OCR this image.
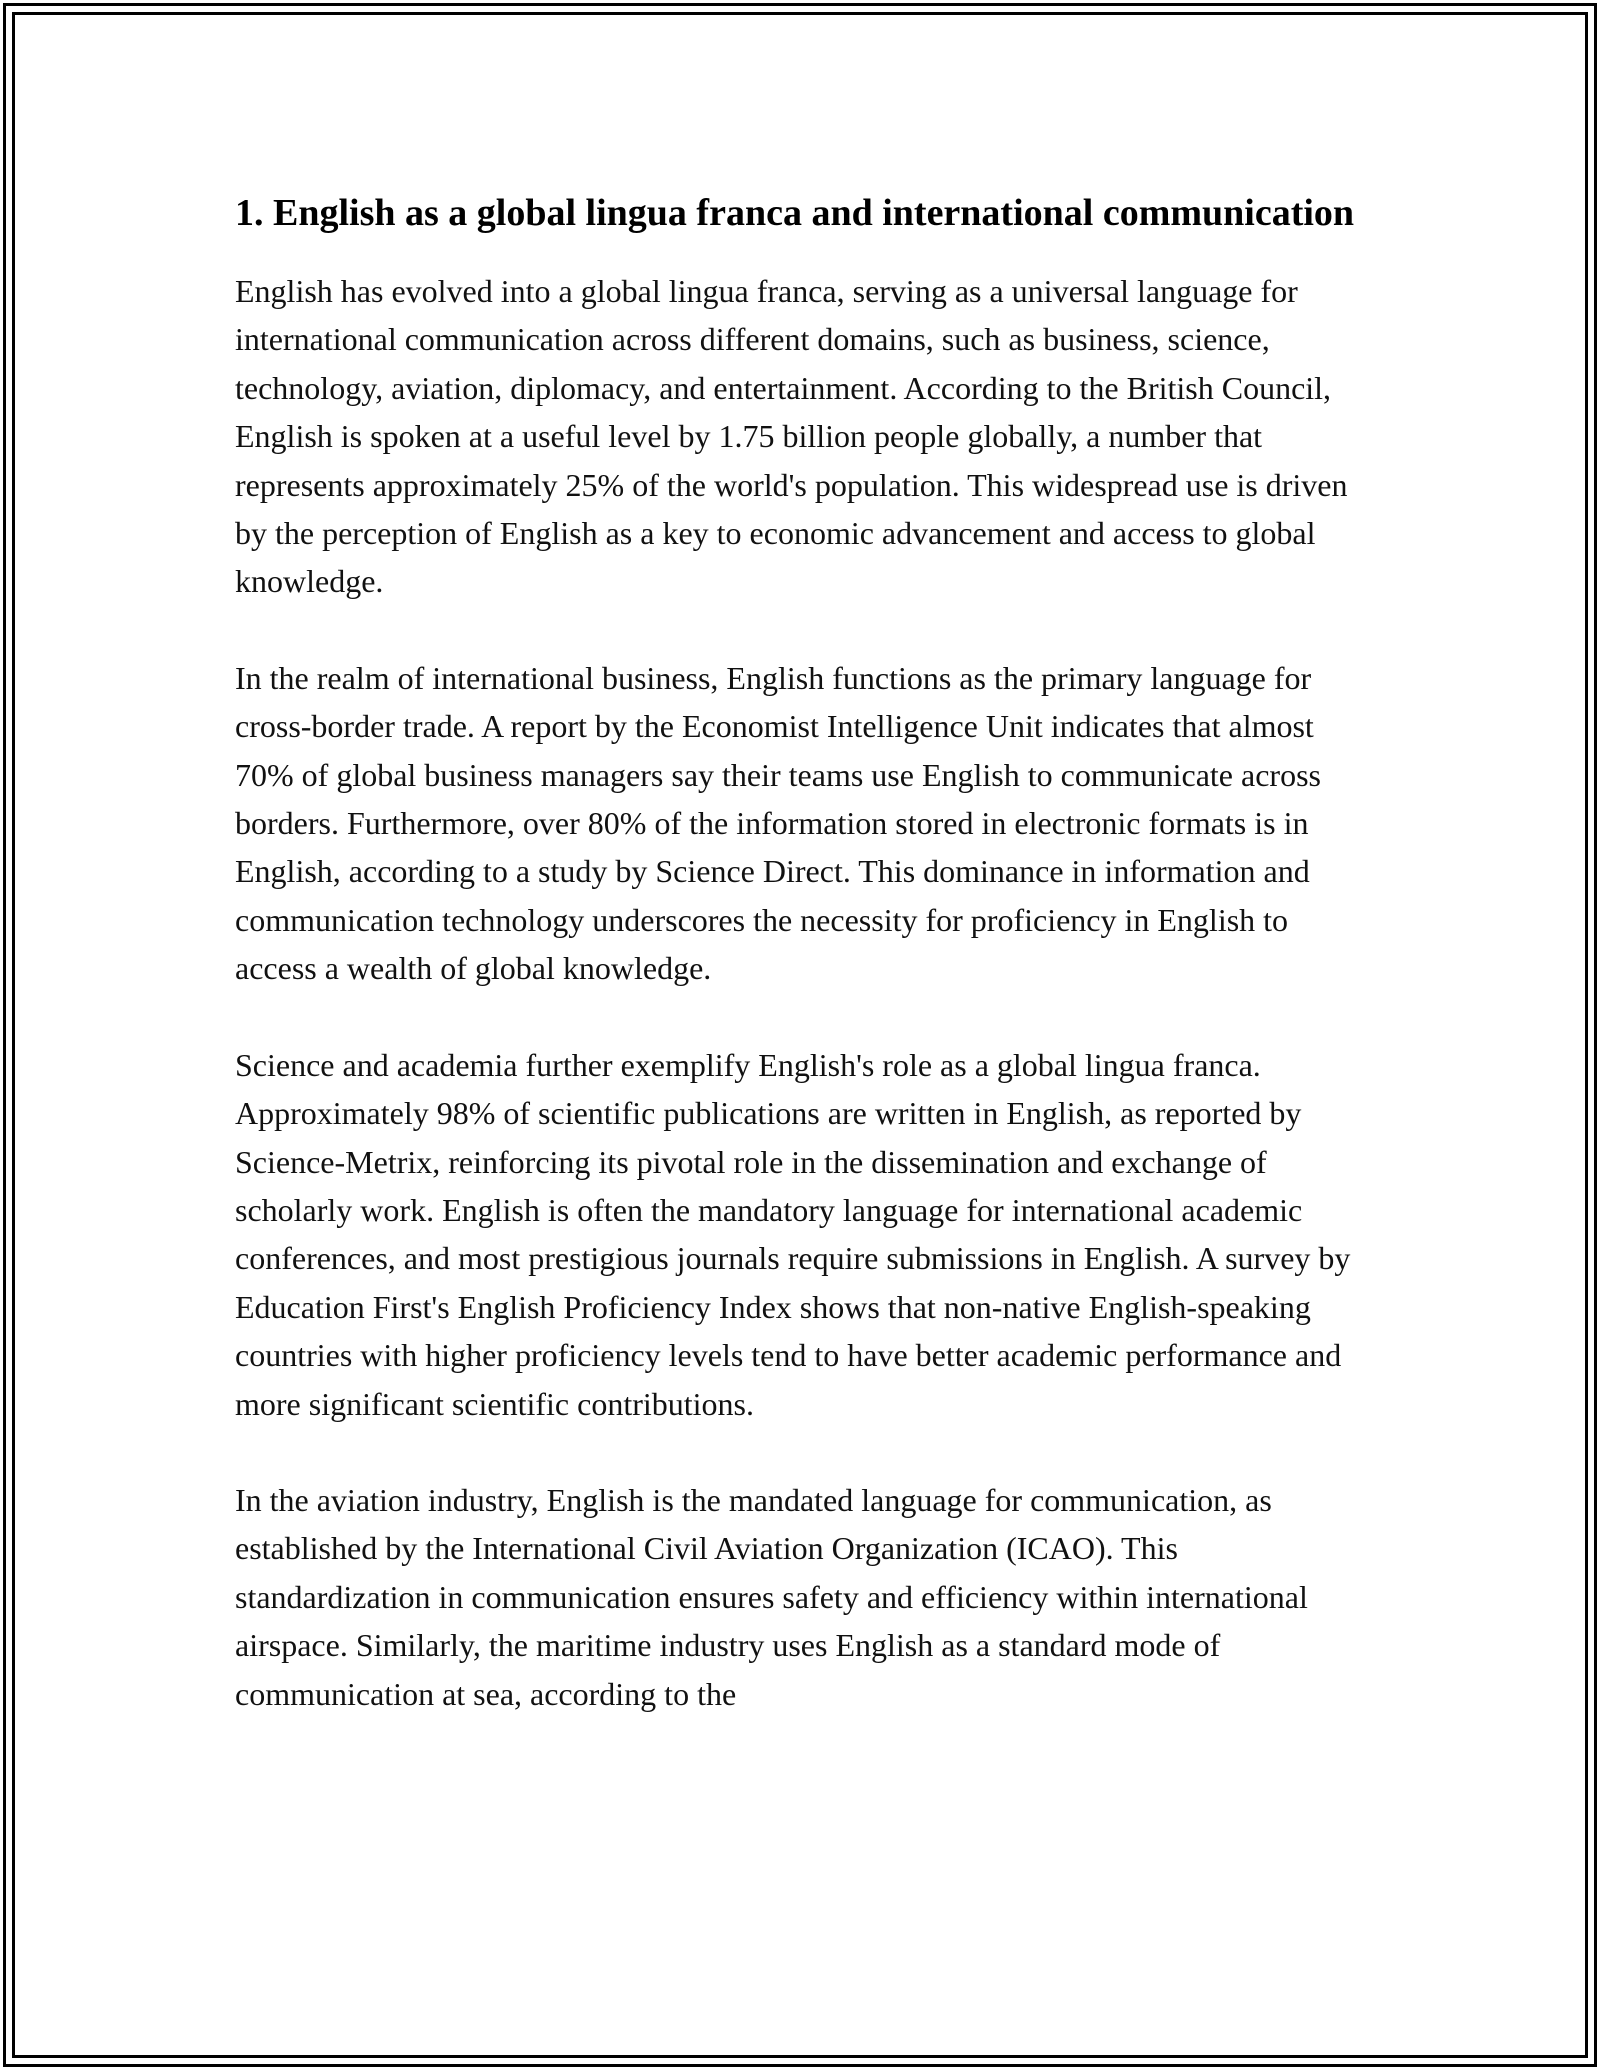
1. English as a global lingua franca and international communication

English has evolved into a global lingua franca, serving as a universal language for international communication across different domains, such as business, science, technology, aviation, diplomacy, and entertainment. According to the British Council, English is spoken at a useful level by 1.75 billion people globally, a number that represents approximately 25% of the world's population. This widespread use is driven by the perception of English as a key to economic advancement and access to global knowledge.

In the realm of international business, English functions as the primary language for cross-border trade. A report by the Economist Intelligence Unit indicates that almost 70% of global business managers say their teams use English to communicate across borders. Furthermore, over 80% of the information stored in electronic formats is in English, according to a study by Science Direct. This dominance in information and communication technology underscores the necessity for proficiency in English to access a wealth of global knowledge.

Science and academia further exemplify English's role as a global lingua franca. Approximately 98% of scientific publications are written in English, as reported by Science-Metrix, reinforcing its pivotal role in the dissemination and exchange of scholarly work. English is often the mandatory language for international academic conferences, and most prestigious journals require submissions in English. A survey by Education First's English Proficiency Index shows that non-native English-speaking countries with higher proficiency levels tend to have better academic performance and more significant scientific contributions.

In the aviation industry, English is the mandated language for communication, as established by the International Civil Aviation Organization (ICAO). This standardization in communication ensures safety and efficiency within international airspace. Similarly, the maritime industry uses English as a standard mode of communication at sea, according to the
